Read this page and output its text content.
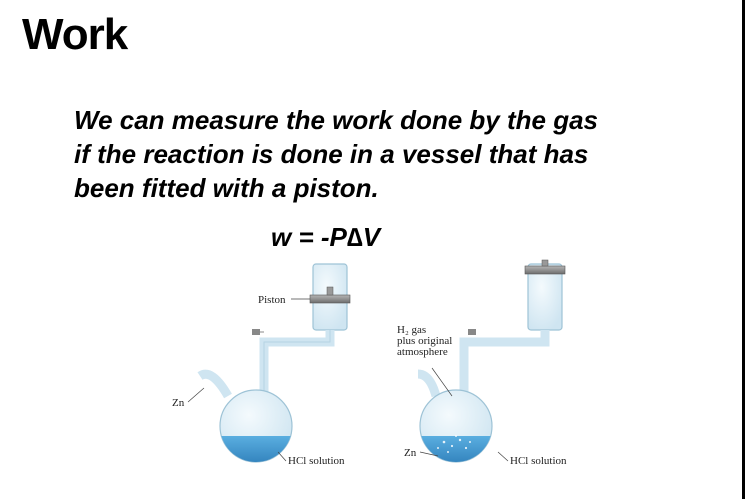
Work
We can measure the work done by the gas
if the reaction is done in a vessel that has
been fitted with a piston.
w = -P∆V
Piston
Zn
HCl solution
H₂ gas
plus original
atmosphere
Zn
HCl solution
